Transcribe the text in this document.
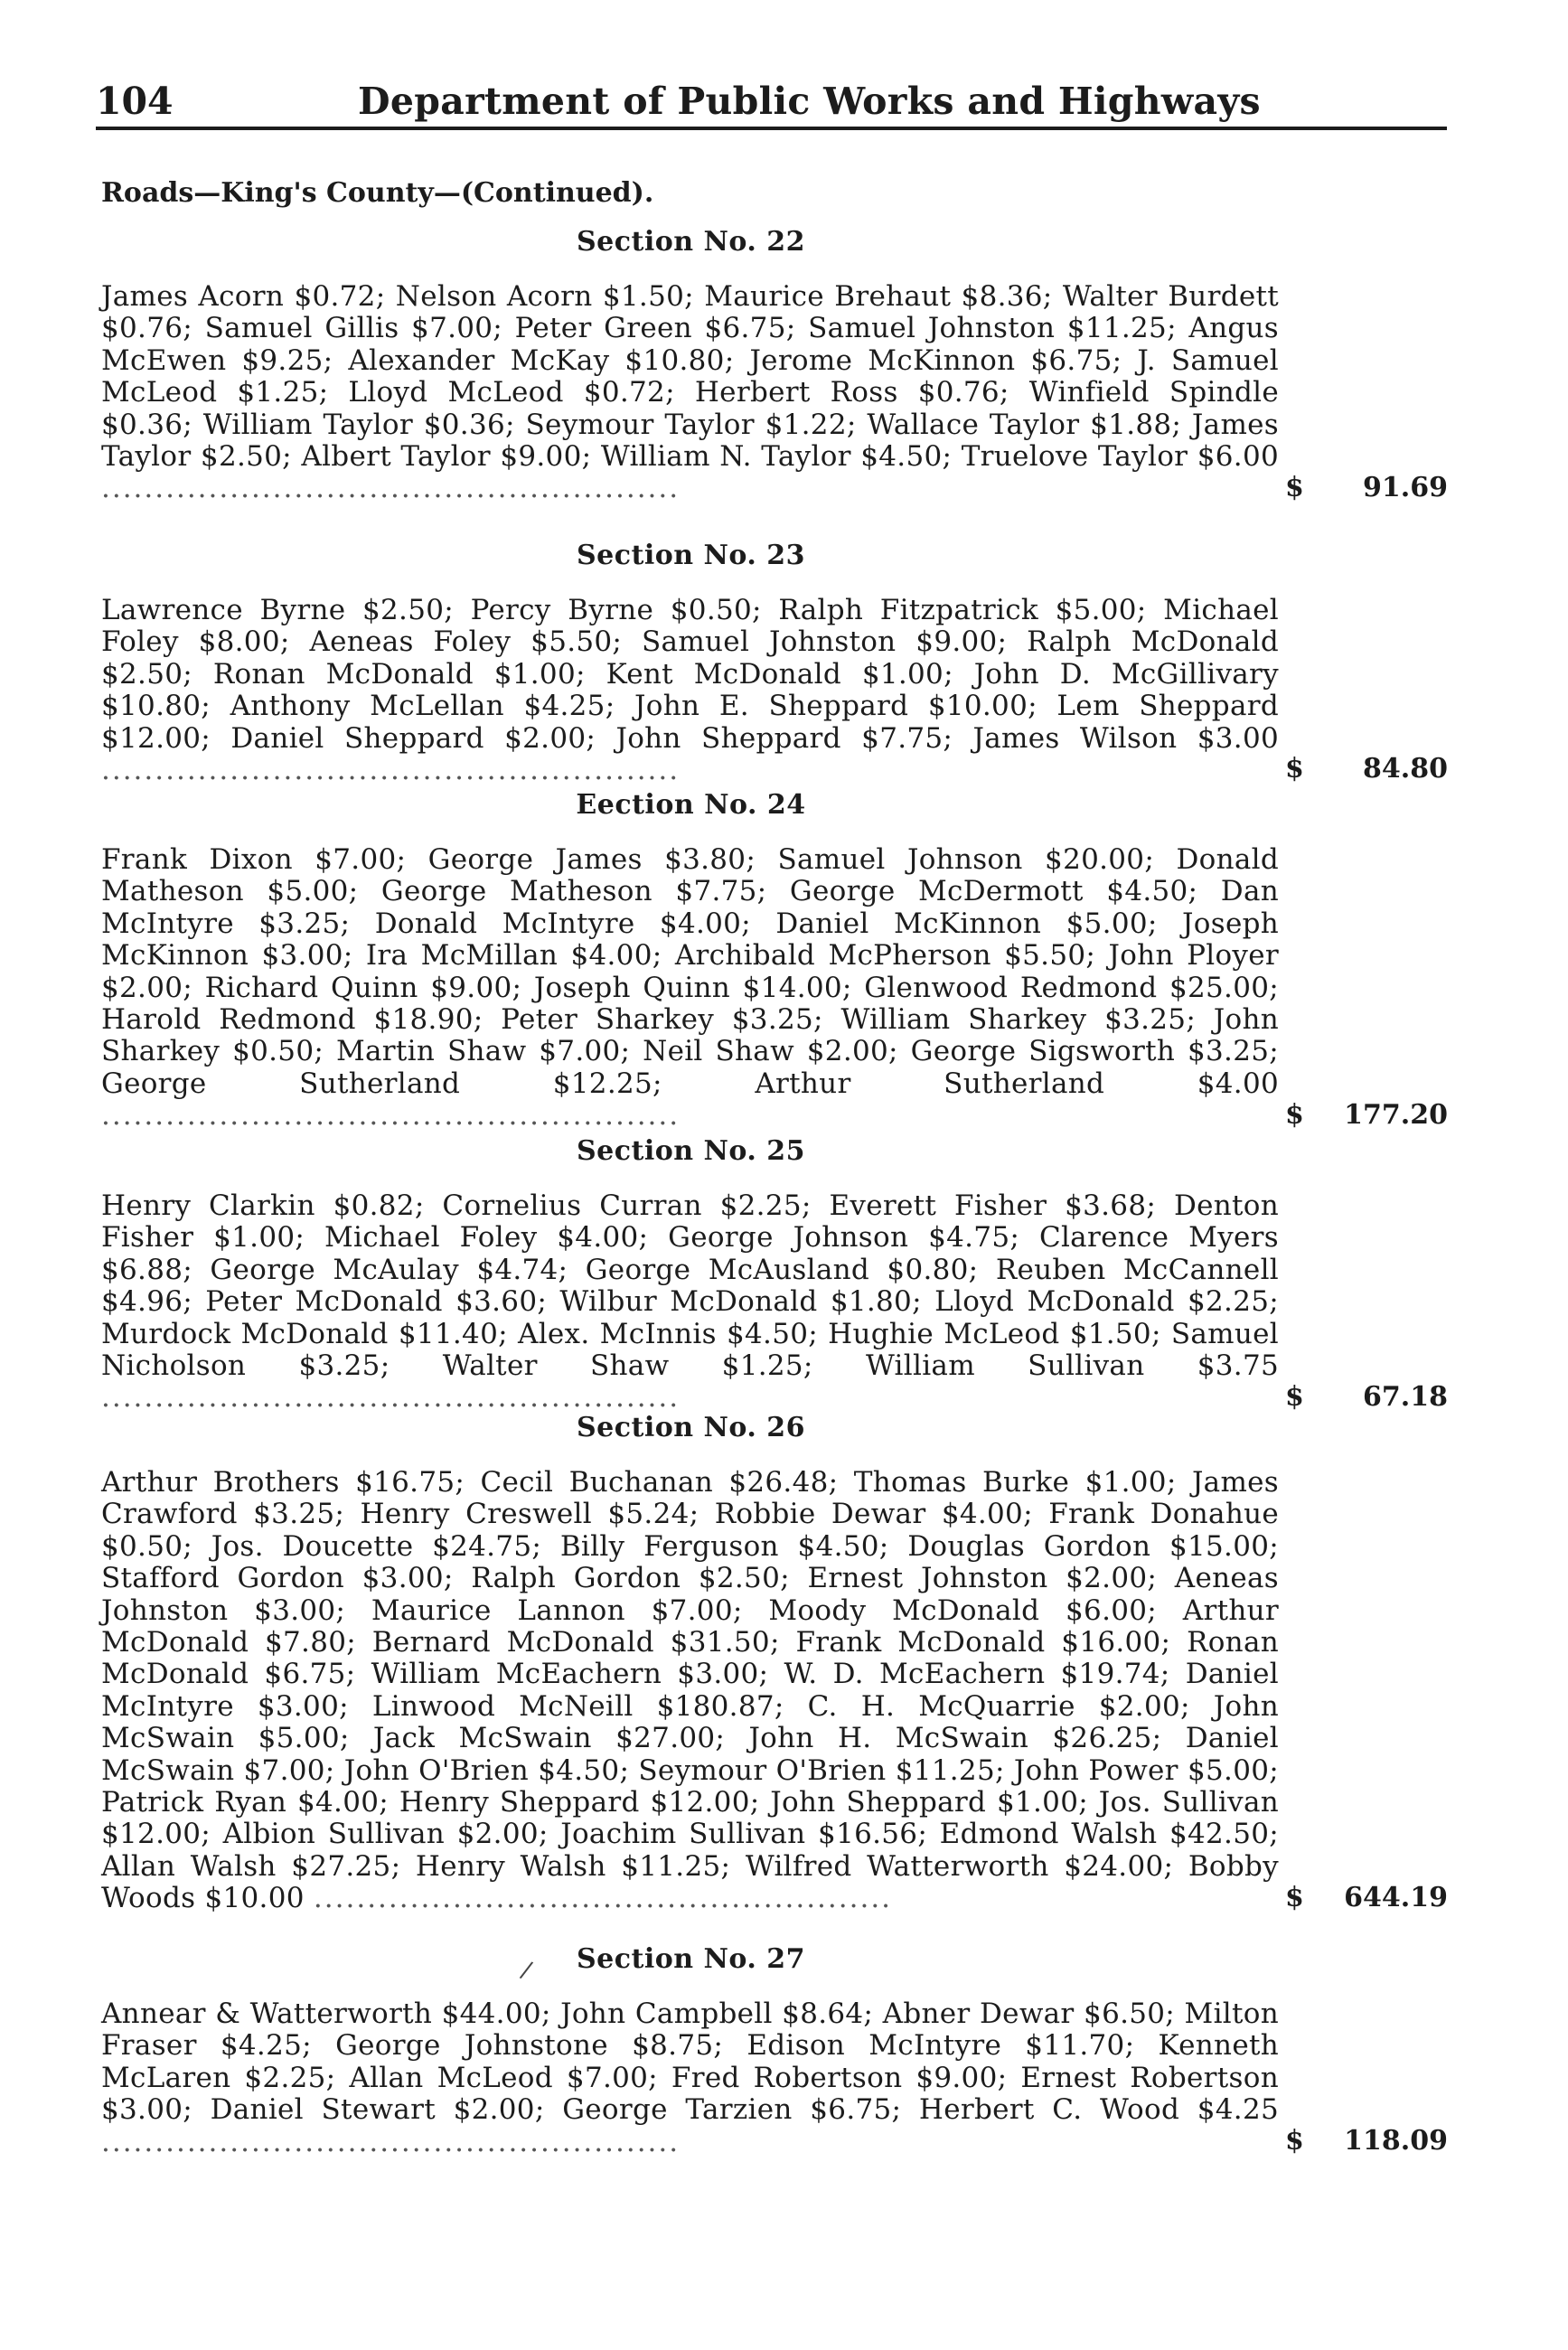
104	Department of Public Works and Highways
Roads—King's County—(Continued).
Section No. 22
James Acorn $0.72; Nelson Acorn $1.50; Maurice Brehaut $8.36; Walter Burdett $0.76; Samuel Gillis $7.00; Peter Green $6.75; Samuel Johnston $11.25; Angus McEwen $9.25; Alexander McKay $10.80; Jerome McKinnon $6.75; J. Samuel McLeod $1.25; Lloyd McLeod $0.72; Herbert Ross $0.76; Winfield Spindle $0.36; William Taylor $0.36; Seymour Taylor $1.22; Wallace Taylor $1.88; James Taylor $2.50; Albert Taylor $9.00; William N. Taylor $4.50; Truelove Taylor $6.00 ......................................................	$ 91.69
Section No. 23
Lawrence Byrne $2.50; Percy Byrne $0.50; Ralph Fitzpatrick $5.00; Michael Foley $8.00; Aeneas Foley $5.50; Samuel Johnston $9.00; Ralph McDonald $2.50; Ronan McDonald $1.00; Kent McDonald $1.00; John D. McGillivary $10.80; Anthony McLellan $4.25; John E. Sheppard $10.00; Lem Sheppard $12.00; Daniel Sheppard $2.00; John Sheppard $7.75; James Wilson $3.00 ......................................................	$ 84.80
Eection No. 24
Frank Dixon $7.00; George James $3.80; Samuel Johnson $20.00; Donald Matheson $5.00; George Matheson $7.75; George McDermott $4.50; Dan McIntyre $3.25; Donald McIntyre $4.00; Daniel McKinnon $5.00; Joseph McKinnon $3.00; Ira McMillan $4.00; Archibald McPherson $5.50; John Ployer $2.00; Richard Quinn $9.00; Joseph Quinn $14.00; Glenwood Redmond $25.00; Harold Redmond $18.90; Peter Sharkey $3.25; William Sharkey $3.25; John Sharkey $0.50; Martin Shaw $7.00; Neil Shaw $2.00; George Sigsworth $3.25; George Sutherland $12.25; Arthur Sutherland $4.00 ......................................................	$ 177.20
Section No. 25
Henry Clarkin $0.82; Cornelius Curran $2.25; Everett Fisher $3.68; Denton Fisher $1.00; Michael Foley $4.00; George Johnson $4.75; Clarence Myers $6.88; George McAulay $4.74; George McAusland $0.80; Reuben McCannell $4.96; Peter McDonald $3.60; Wilbur McDonald $1.80; Lloyd McDonald $2.25; Murdock McDonald $11.40; Alex. McInnis $4.50; Hughie McLeod $1.50; Samuel Nicholson $3.25; Walter Shaw $1.25; William Sullivan $3.75 ......................................................	$ 67.18
Section No. 26
Arthur Brothers $16.75; Cecil Buchanan $26.48; Thomas Burke $1.00; James Crawford $3.25; Henry Creswell $5.24; Robbie Dewar $4.00; Frank Donahue $0.50; Jos. Doucette $24.75; Billy Ferguson $4.50; Douglas Gordon $15.00; Stafford Gordon $3.00; Ralph Gordon $2.50; Ernest Johnston $2.00; Aeneas Johnston $3.00; Maurice Lannon $7.00; Moody McDonald $6.00; Arthur McDonald $7.80; Bernard McDonald $31.50; Frank McDonald $16.00; Ronan McDonald $6.75; William McEachern $3.00; W. D. McEachern $19.74; Daniel McIntyre $3.00; Linwood McNeill $180.87; C. H. McQuarrie $2.00; John McSwain $5.00; Jack McSwain $27.00; John H. McSwain $26.25; Daniel McSwain $7.00; John O'Brien $4.50; Seymour O'Brien $11.25; John Power $5.00; Patrick Ryan $4.00; Henry Sheppard $12.00; John Sheppard $1.00; Jos. Sullivan $12.00; Albion Sullivan $2.00; Joachim Sullivan $16.56; Edmond Walsh $42.50; Allan Walsh $27.25; Henry Walsh $11.25; Wilfred Watterworth $24.00; Bobby Woods $10.00 ......................................................	$ 644.19
/	Section No. 27
Annear & Watterworth $44.00; John Campbell $8.64; Abner Dewar $6.50; Milton Fraser $4.25; George Johnstone $8.75; Edison McIntyre $11.70; Kenneth McLaren $2.25; Allan McLeod $7.00; Fred Robertson $9.00; Ernest Robertson $3.00; Daniel Stewart $2.00; George Tarzien $6.75; Herbert C. Wood $4.25 ......................................................	$ 118.09
